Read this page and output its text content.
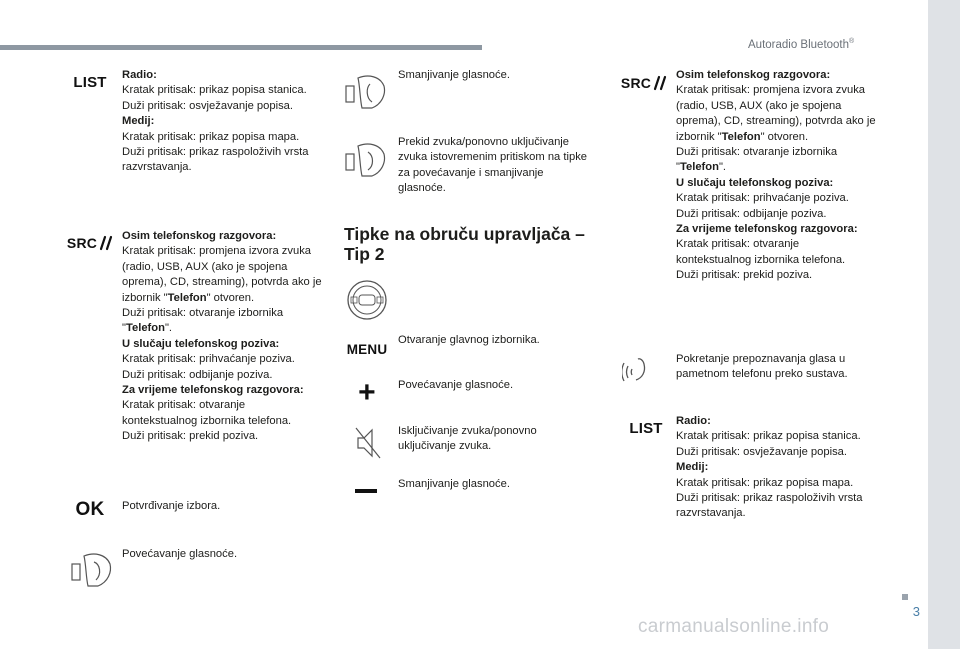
Autoradio Bluetooth®
3
LIST	Radio:

Kratak pritisak: prikaz popisa stanica.

Duži pritisak: osvježavanje popisa.

Medij:

Kratak pritisak: prikaz popisa mapa.

Duži pritisak: prikaz raspoloživih vrsta razvrstavanja.

SRC Osim telefonskog razgovora:

Kratak pritisak: promjena izvora zvuka (radio, USB, AUX (ako je spojena oprema), CD, streaming), potvrda ako je izbornik "Telefon" otvoren.

Duži pritisak: otvaranje izbornika "Telefon".

U slučaju telefonskog poziva:

Kratak pritisak: prihvaćanje poziva.

Duži pritisak: odbijanje poziva.

Za vrijeme telefonskog razgovora:

Kratak pritisak: otvaranje kontekstualnog izbornika telefona.

Duži pritisak: prekid poziva.

OK	Potvrđivanje izbora.

Povećavanje glasnoće.

Smanjivanje glasnoće.

Prekid zvuka/ponovno uključivanje zvuka istovremenim pritiskom na tipke za povećavanje i smanjivanje glasnoće.

Tipke na obruču upravljača – Tip 2
MENU

Otvaranje glavnog izbornika.

+	Povećavanje glasnoće.

Isključivanje zvuka/ponovno uključivanje zvuka.

Smanjivanje glasnoće.

SRC Osim telefonskog razgovora:

Kratak pritisak: promjena izvora zvuka (radio, USB, AUX (ako je spojena oprema), CD, streaming), potvrda ako je izbornik "Telefon" otvoren.

Duži pritisak: otvaranje izbornika "Telefon".

U slučaju telefonskog poziva:

Kratak pritisak: prihvaćanje poziva.

Duži pritisak: odbijanje poziva.

Za vrijeme telefonskog razgovora:

Kratak pritisak: otvaranje kontekstualnog izbornika telefona.

Duži pritisak: prekid poziva.

Pokretanje prepoznavanja glasa u pametnom telefonu preko sustava.

LIST	Radio:

Kratak pritisak: prikaz popisa stanica.

Duži pritisak: osvježavanje popisa.

Medij:

Kratak pritisak: prikaz popisa mapa.

Duži pritisak: prikaz raspoloživih vrsta razvrstavanja.

carmanualsonline.info
